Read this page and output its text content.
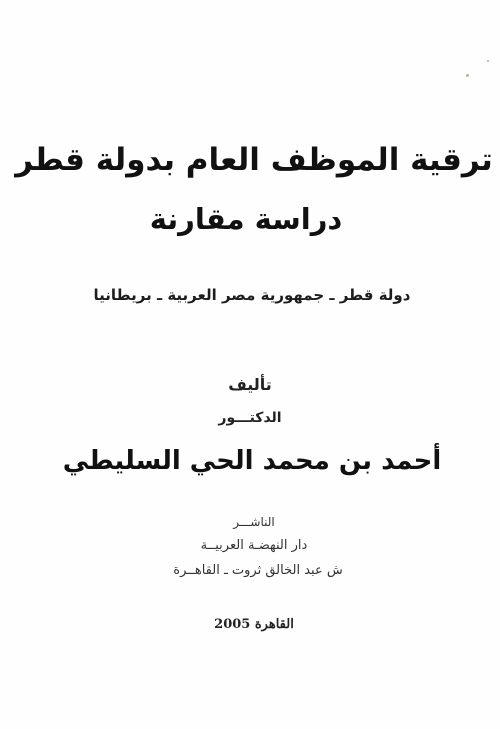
ترقية الموظف العام بدولة قطر
دراسة مقارنة
دولة قطر ـ جمهورية مصر العربية ـ بريطانيا
تأليف
الدكتـــور
أحمد بن محمد الحي السليطي
الناشـــر
دار النهضـة العربيــة
ش عبد الخالق ثروت ـ القاهــرة
القاهرة 2005
